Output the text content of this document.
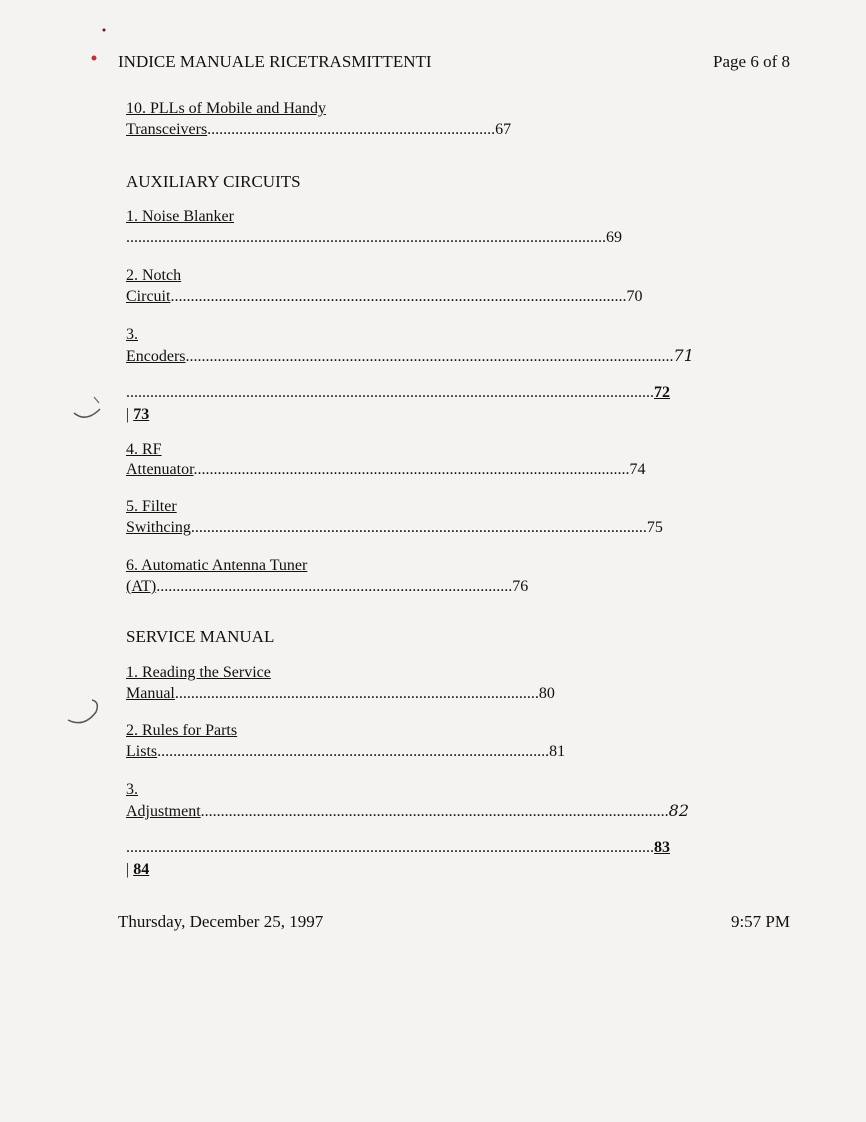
INDICE MANUALE RICETRASMITTENTI	Page 6 of 8
10. PLLs of Mobile and Handy
Transceivers........................................................................67
AUXILIARY CIRCUITS
1. Noise Blanker
........................................................................................................................69
2. Notch
Circuit..................................................................................................................70
3.
Encoders..........................................................................................................................71
....................................................................................................................................72
| 73
4. RF
Attenuator.............................................................................................................74
5. Filter
Swithcing..................................................................................................................75
6. Automatic Antenna Tuner
(AT).........................................................................................76
SERVICE MANUAL
1. Reading the Service
Manual...........................................................................................80
2. Rules for Parts
Lists..................................................................................................81
3.
Adjustment.....................................................................................................................82
....................................................................................................................................83
| 84
Thursday, December 25, 1997	9:57 PM
